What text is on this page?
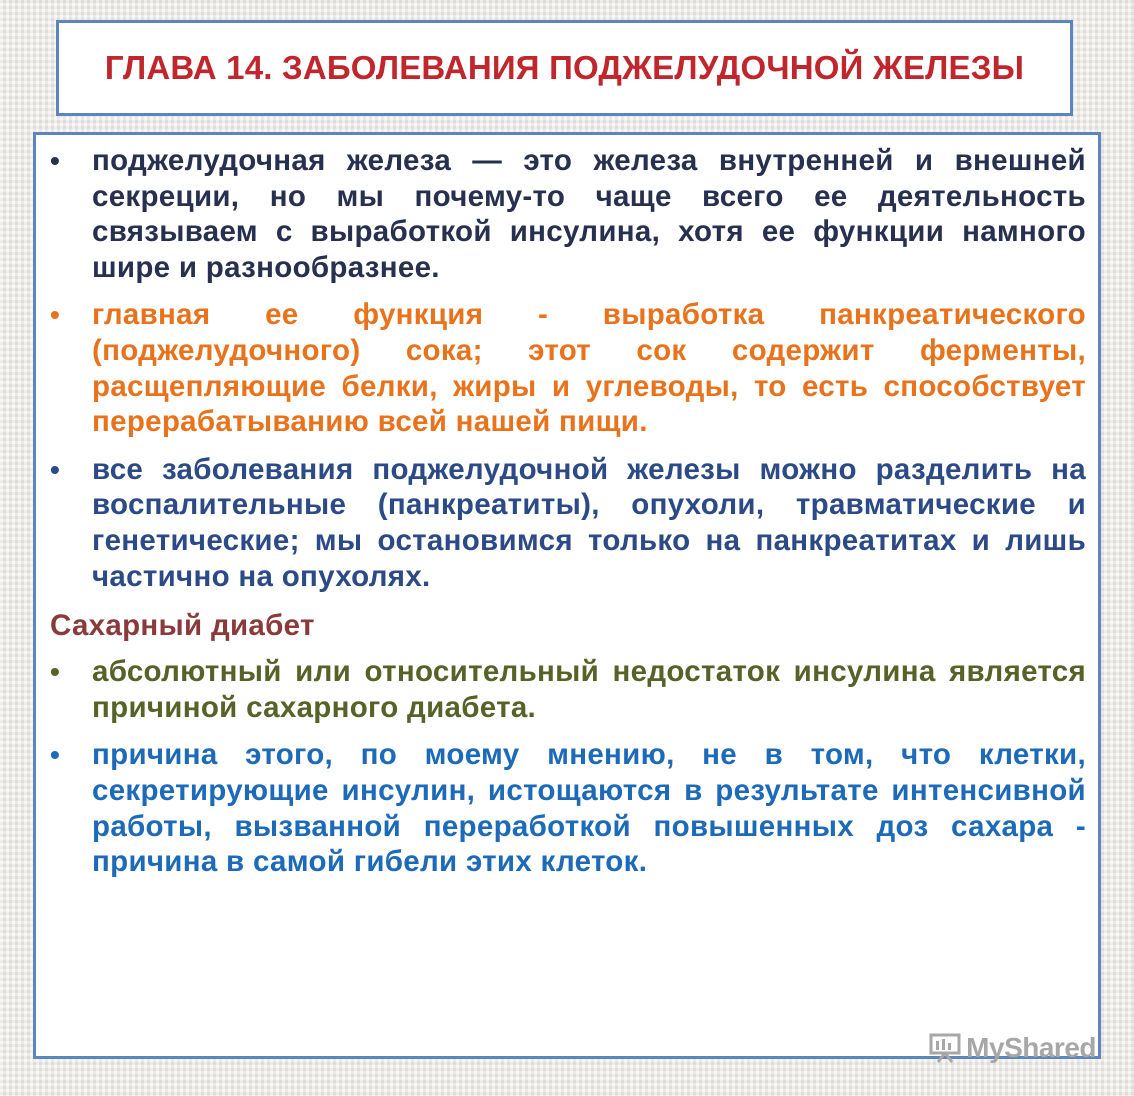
ГЛАВА 14. ЗАБОЛЕВАНИЯ ПОДЖЕЛУДОЧНОЙ ЖЕЛЕЗЫ
• поджелудочная железа — это железа внутренней и внешней секреции, но мы почему-то чаще всего ее деятельность связываем с выработкой инсулина, хотя ее функции намного шире и разнообразнее.
• главная ее функция - выработка панкреатического (поджелудочного) сока; этот сок содержит ферменты, расщепляющие белки, жиры и углеводы, то есть способствует перерабатыванию всей нашей пищи.
• все заболевания поджелудочной железы можно разделить на воспалительные (панкреатиты), опухоли, травматические и генетические; мы остановимся только на панкреатитах и лишь частично на опухолях.
Сахарный диабет
• абсолютный или относительный недостаток инсулина является причиной сахарного диабета.
• причина этого, по моему мнению, не в том, что клетки, секретирующие инсулин, истощаются в результате интенсивной работы, вызванной переработкой повышенных доз сахара - причина в самой гибели этих клеток.
MyShared
